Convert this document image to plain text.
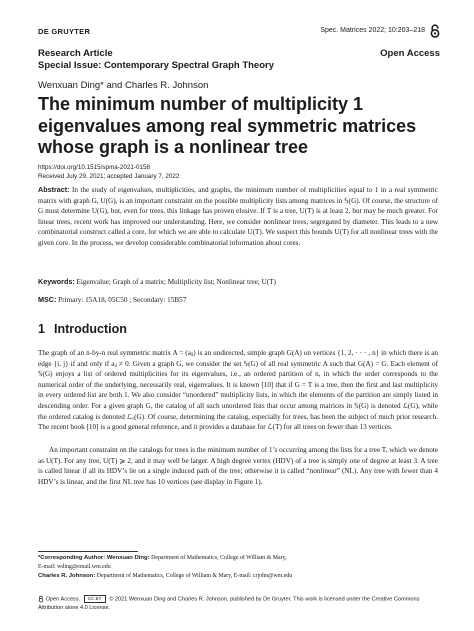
DE GRUYTER	Spec. Matrices 2022; 10:203–218
Research Article
Special Issue: Contemporary Spectral Graph Theory
Open Access
Wenxuan Ding* and Charles R. Johnson
The minimum number of multiplicity 1 eigenvalues among real symmetric matrices whose graph is a nonlinear tree
https://doi.org/10.1515/spma-2021-0158
Received July 29, 2021; accepted January 7, 2022
Abstract: In the study of eigenvalues, multiplicities, and graphs, the minimum number of multiplicities equal to 1 in a real symmetric matrix with graph G, U(G), is an important constraint on the possible multiplicity lists among matrices in 𝕊(G). Of course, the structure of G must determine U(G), but, even for trees, this linkage has proven elusive. If T is a tree, U(T) is at least 2, but may be much greater. For linear trees, recent work has improved our understanding. Here, we consider nonlinear trees, segregated by diameter. This leads to a new combinatorial construct called a core, for which we are able to calculate U(T). We suspect this bounds U(T) for all nonlinear trees with the given core. In the process, we develop considerable combinatorial information about cores.
Keywords: Eigenvalue; Graph of a matrix; Multiplicity list; Nonlinear tree; U(T)
MSC: Primary: 15A18, 05C50 ; Secondary: 15B57
1 Introduction
The graph of an n-by-n real symmetric matrix A = (aᵢⱼ) is an undirected, simple graph G(A) on vertices {1, 2, · · · , n} in which there is an edge {i, j} if and only if aᵢⱼ ≠ 0. Given a graph G, we consider the set 𝕊(G) of all real symmetric A such that G(A) = G. Each element of 𝕊(G) enjoys a list of ordered multiplicities for its eigenvalues, i.e., an ordered partition of n, in which the order corresponds to the numerical order of the underlying, necessarily real, eigenvalues. It is known [10] that if G = T is a tree, then the first and last multiplicity in every ordered list are both 1. We also consider “unordered” multiplicity lists, in which the elements of the partition are simply listed in descending order. For a given graph G, the catalog of all such unordered lists that occur among matrices in 𝕊(G) is denoted ℒ(G), while the ordered catalog is denoted ℒₒ(G). Of course, determining the catalog, especially for trees, has been the subject of much prior research. The recent book [10] is a good general reference, and it provides a database for ℒ(T) for all trees on fewer than 13 vertices.
An important constraint on the catalogs for trees is the minimum number of 1’s occurring among the lists for a tree T, which we denote as U(T). For any tree, U(T) ⩾ 2, and it may well be larger. A high degree vertex (HDV) of a tree is simply one of degree at least 3. A tree is called linear if all its HDV’s lie on a single induced path of the tree; otherwise it is called “nonlinear” (NL). Any tree with fewer than 4 HDV’s is linear, and the first NL tree has 10 vertices (see display in Figure 1).
*Corresponding Author: Wenxuan Ding: Department of Mathematics, College of William & Mary,
E-mail: wding@email.wm.edu
Charles R. Johnson: Department of Mathematics, College of William & Mary, E-mail: crjohn@wm.edu
Open Access. CC BY © 2021 Wenxuan Ding and Charles R. Johnson, published by De Gruyter. This work is licensed under the Creative Commons Attribution alone 4.0 License.
